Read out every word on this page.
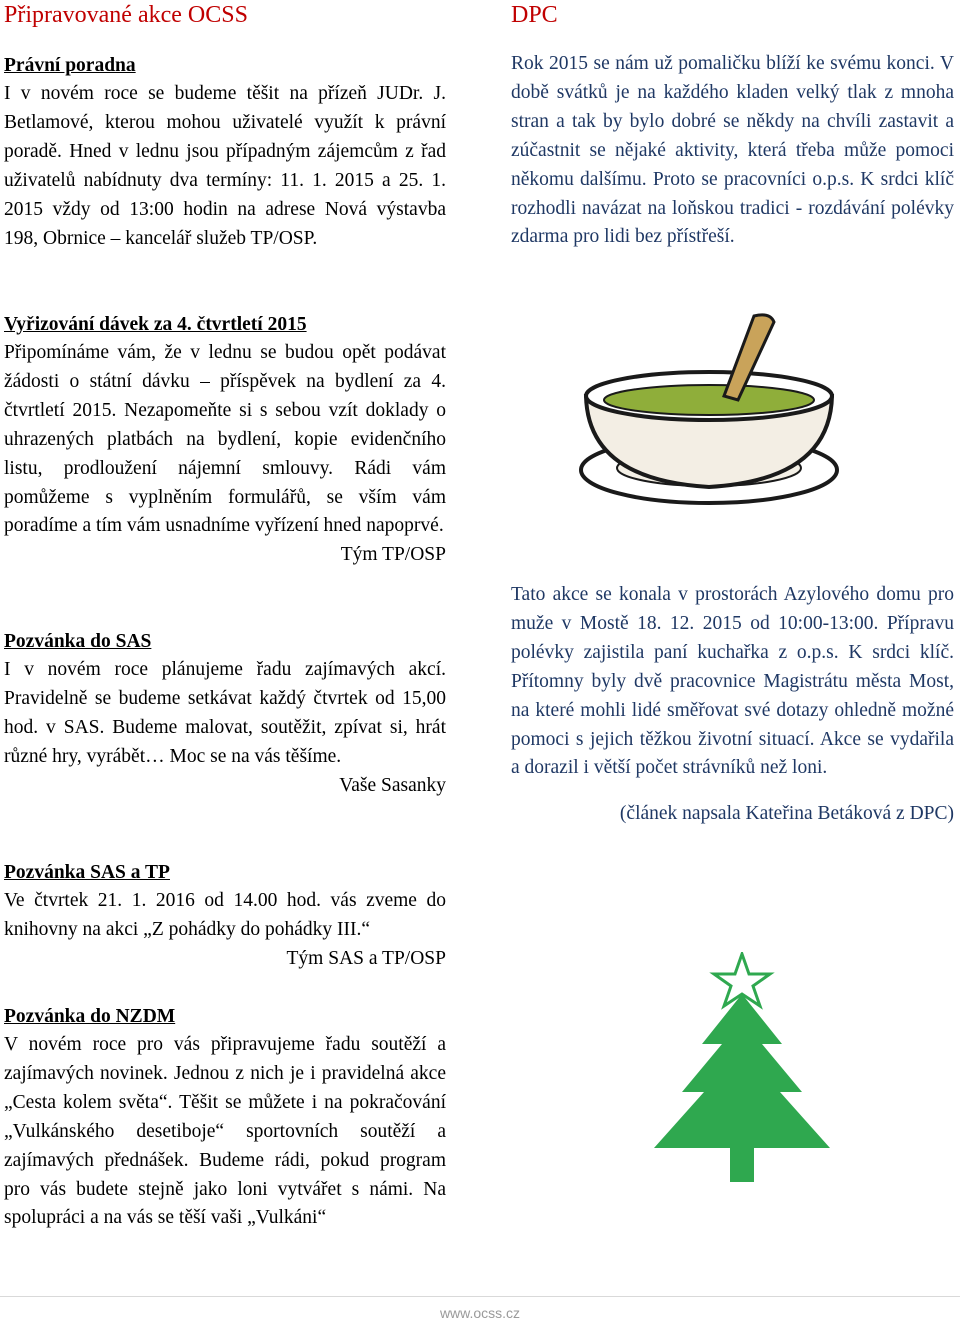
Připravované akce OCSS	DPC
Právní poradna

I v novém roce se budeme těšit na přízeň JUDr. J. Betlamové, kterou mohou uživatelé využít k právní poradě. Hned v lednu jsou případným zájemcům z řad uživatelů nabídnuty dva termíny: 11. 1. 2015 a 25. 1. 2015 vždy od 13:00 hodin na adrese Nová výstavba 198, Obrnice – kancelář služeb TP/OSP.

Vyřizování dávek za 4. čtvrtletí 2015

Připomínáme vám, že v lednu se budou opět podávat žádosti o státní dávku – příspěvek na bydlení za 4. čtvrtletí 2015. Nezapomeňte si s sebou vzít doklady o uhrazených platbách na bydlení, kopie evidenčního listu, prodloužení nájemní smlouvy. Rádi vám pomůžeme s vyplněním formulářů, se vším vám poradíme a tím vám usnadníme vyřízení hned napoprvé.

Tým TP/OSP

Pozvánka do SAS

I v novém roce plánujeme řadu zajímavých akcí. Pravidelně se budeme setkávat každý čtvrtek od 15,00 hod. v SAS. Budeme malovat, soutěžit, zpívat si, hrát různé hry, vyrábět… Moc se na vás těšíme.

Vaše Sasanky

Pozvánka SAS a TP

Ve čtvrtek 21. 1. 2016 od 14.00 hod. vás zveme do knihovny na akci „Z pohádky do pohádky III.“

Tým SAS a TP/OSP

Pozvánka do NZDM

V novém roce pro vás připravujeme řadu soutěží a zajímavých novinek. Jednou z nich je i pravidelná akce „Cesta kolem světa“. Těšit se můžete i na pokračování „Vulkánského desetiboje“ sportovních soutěží a zajímavých přednášek. Budeme rádi, pokud program pro vás budete stejně jako loni vytvářet s námi. Na spolupráci a na vás se těší vaši „Vulkáni“

Rok 2015 se nám už pomaličku blíží ke svému konci. V době svátků je na každého kladen velký tlak z mnoha stran a tak by bylo dobré se někdy na chvíli zastavit a zúčastnit se nějaké aktivity, která třeba může pomoci někomu dalšímu. Proto se pracovníci o.p.s. K srdci klíč rozhodli navázat na loňskou tradici - rozdávání polévky zdarma pro lidi bez přístřeší.

Tato akce se konala v prostorách Azylového domu pro muže v Mostě 18. 12. 2015 od 10:00-13:00. Přípravu polévky zajistila paní kuchařka z o.p.s. K srdci klíč. Přítomny byly dvě pracovnice Magistrátu města Most, na které mohli lidé směřovat své dotazy ohledně možné pomoci s jejich těžkou životní situací. Akce se vydařila a dorazil i větší počet strávníků než loni.

(článek napsala Kateřina Betáková z DPC)

www.ocss.cz
